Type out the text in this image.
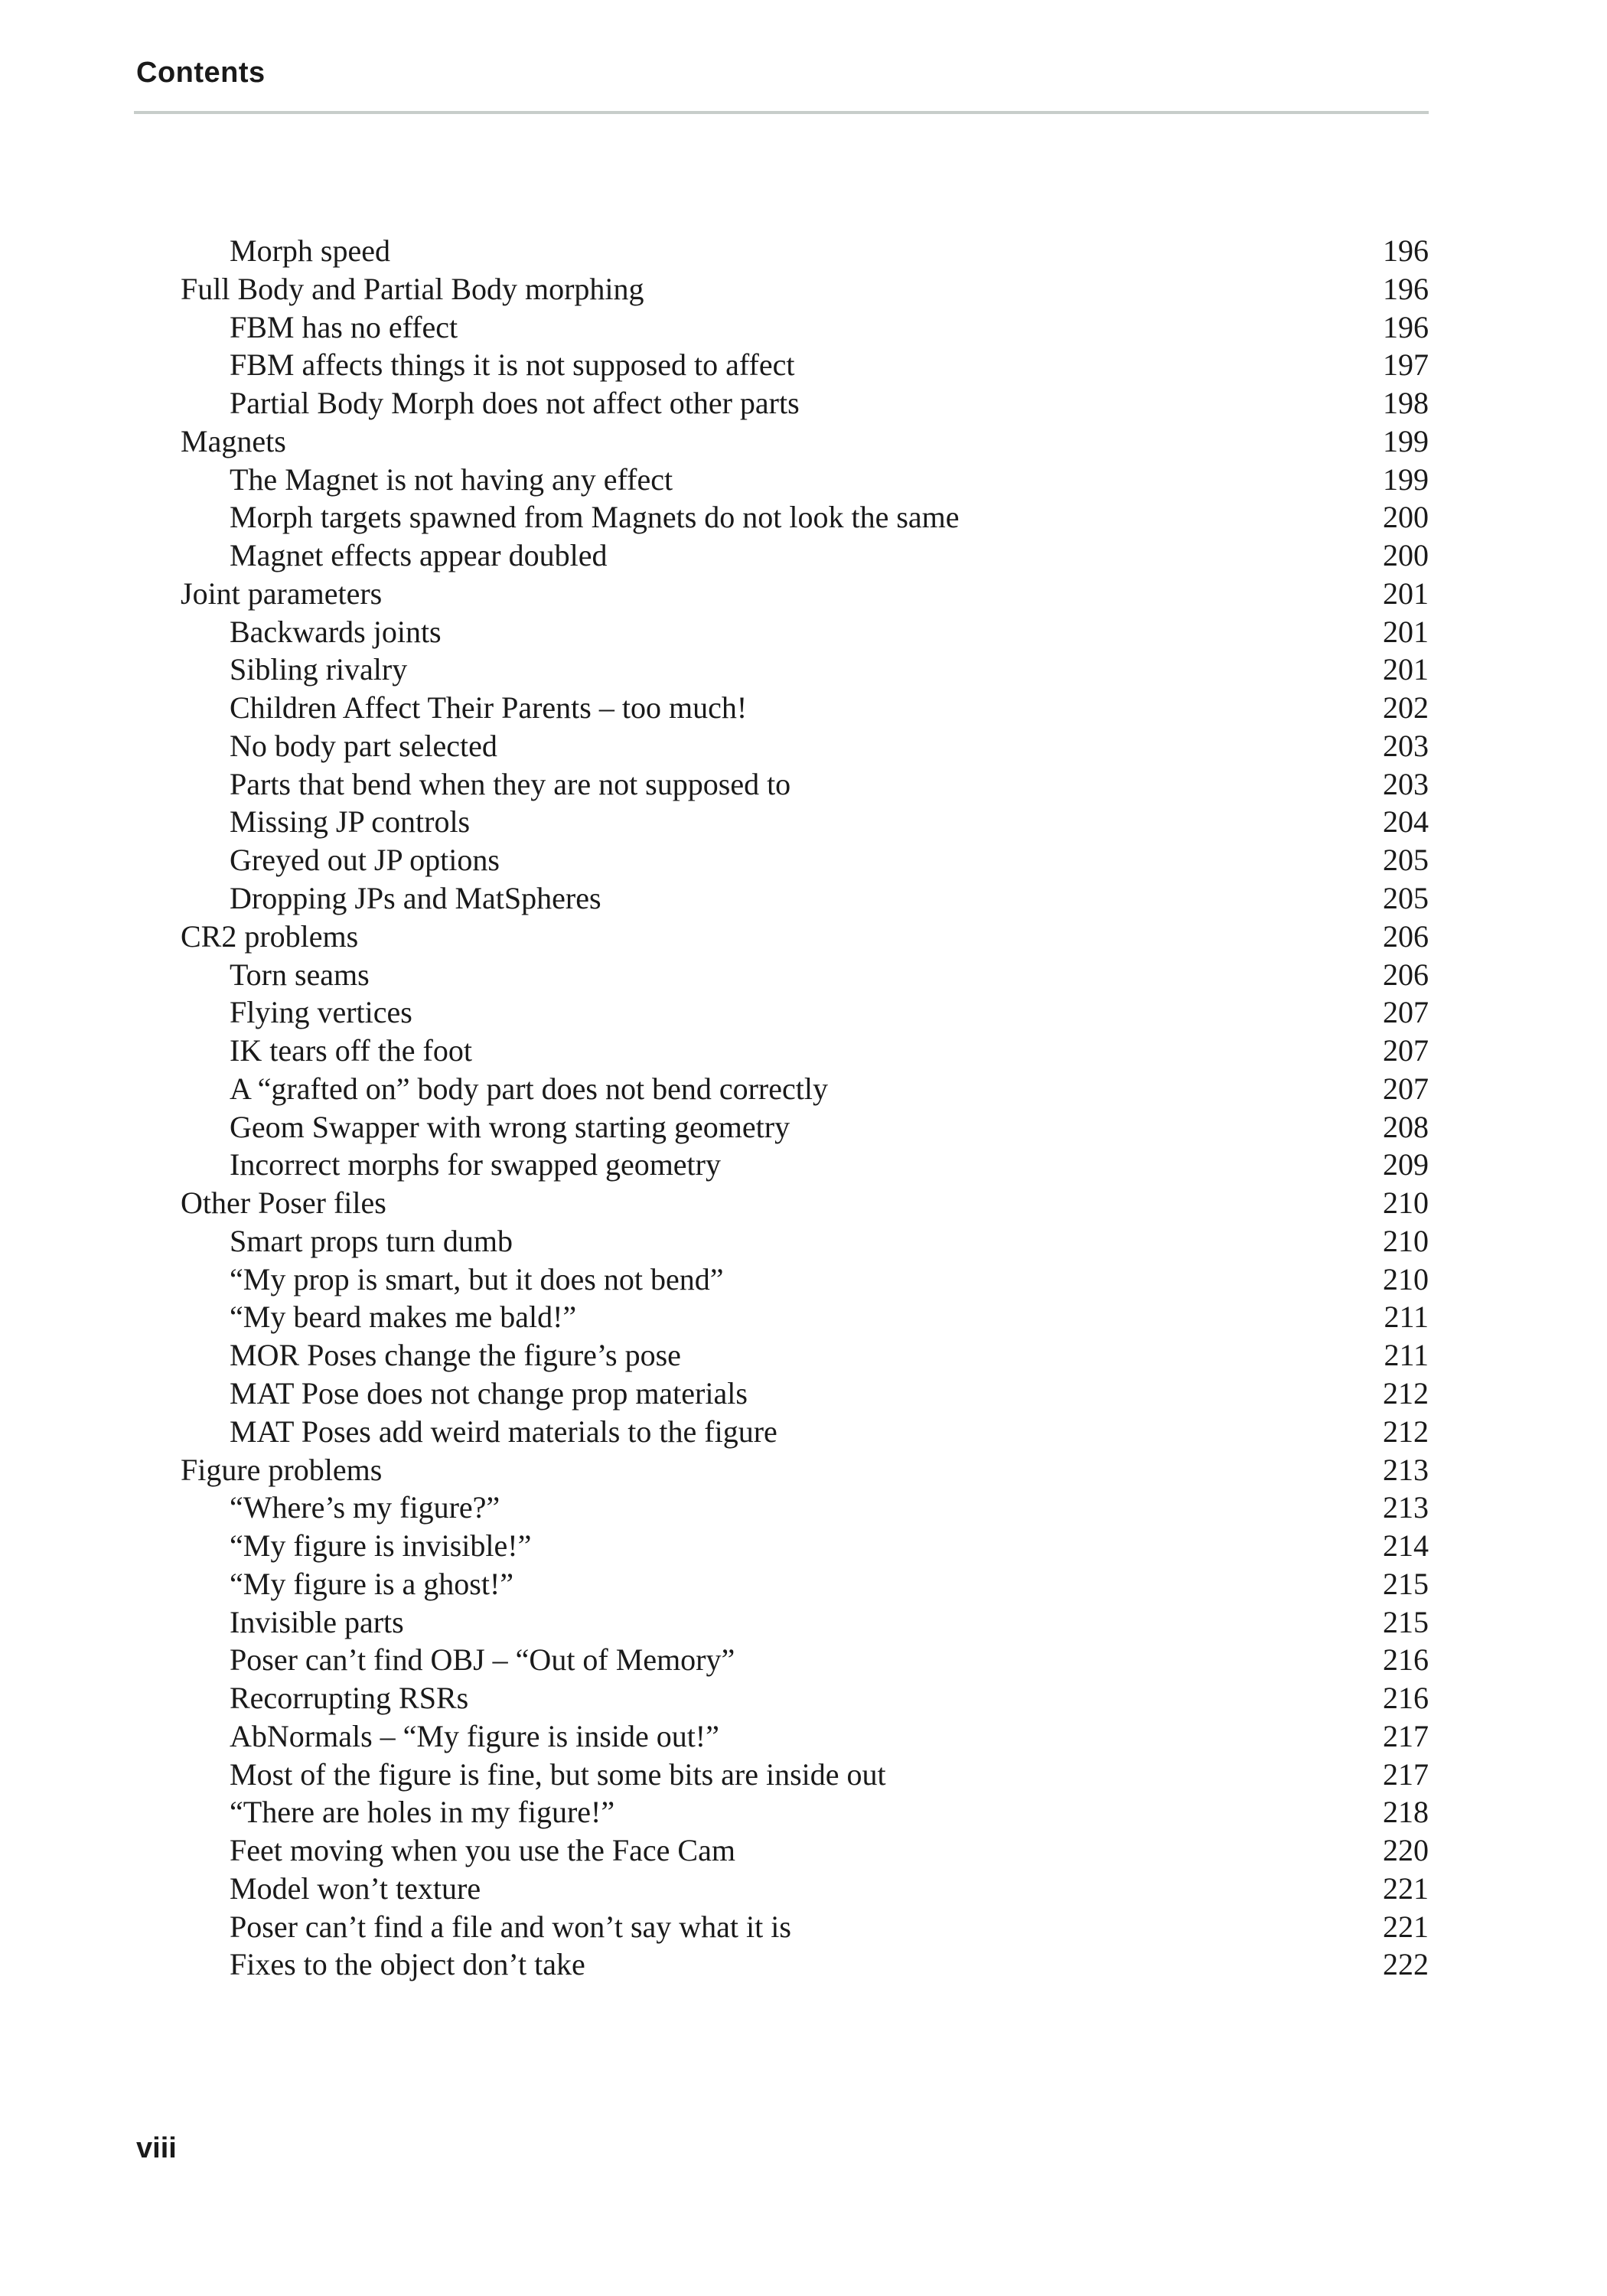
Contents
Morph speed	196
Full Body and Partial Body morphing	196
FBM has no effect	196
FBM affects things it is not supposed to affect	197
Partial Body Morph does not affect other parts	198
Magnets	199
The Magnet is not having any effect	199
Morph targets spawned from Magnets do not look the same	200
Magnet effects appear doubled	200
Joint parameters	201
Backwards joints	201
Sibling rivalry	201
Children Affect Their Parents – too much!	202
No body part selected	203
Parts that bend when they are not supposed to	203
Missing JP controls	204
Greyed out JP options	205
Dropping JPs and MatSpheres	205
CR2 problems	206
Torn seams	206
Flying vertices	207
IK tears off the foot	207
A “grafted on” body part does not bend correctly	207
Geom Swapper with wrong starting geometry	208
Incorrect morphs for swapped geometry	209
Other Poser files	210
Smart props turn dumb	210
“My prop is smart, but it does not bend”	210
“My beard makes me bald!”	211
MOR Poses change the figure’s pose	211
MAT Pose does not change prop materials	212
MAT Poses add weird materials to the figure	212
Figure problems	213
“Where’s my figure?”	213
“My figure is invisible!”	214
“My figure is a ghost!”	215
Invisible parts	215
Poser can’t find OBJ – “Out of Memory”	216
Recorrupting RSRs	216
AbNormals – “My figure is inside out!”	217
Most of the figure is fine, but some bits are inside out	217
“There are holes in my figure!”	218
Feet moving when you use the Face Cam	220
Model won’t texture	221
Poser can’t find a file and won’t say what it is	221
Fixes to the object don’t take	222
viii
